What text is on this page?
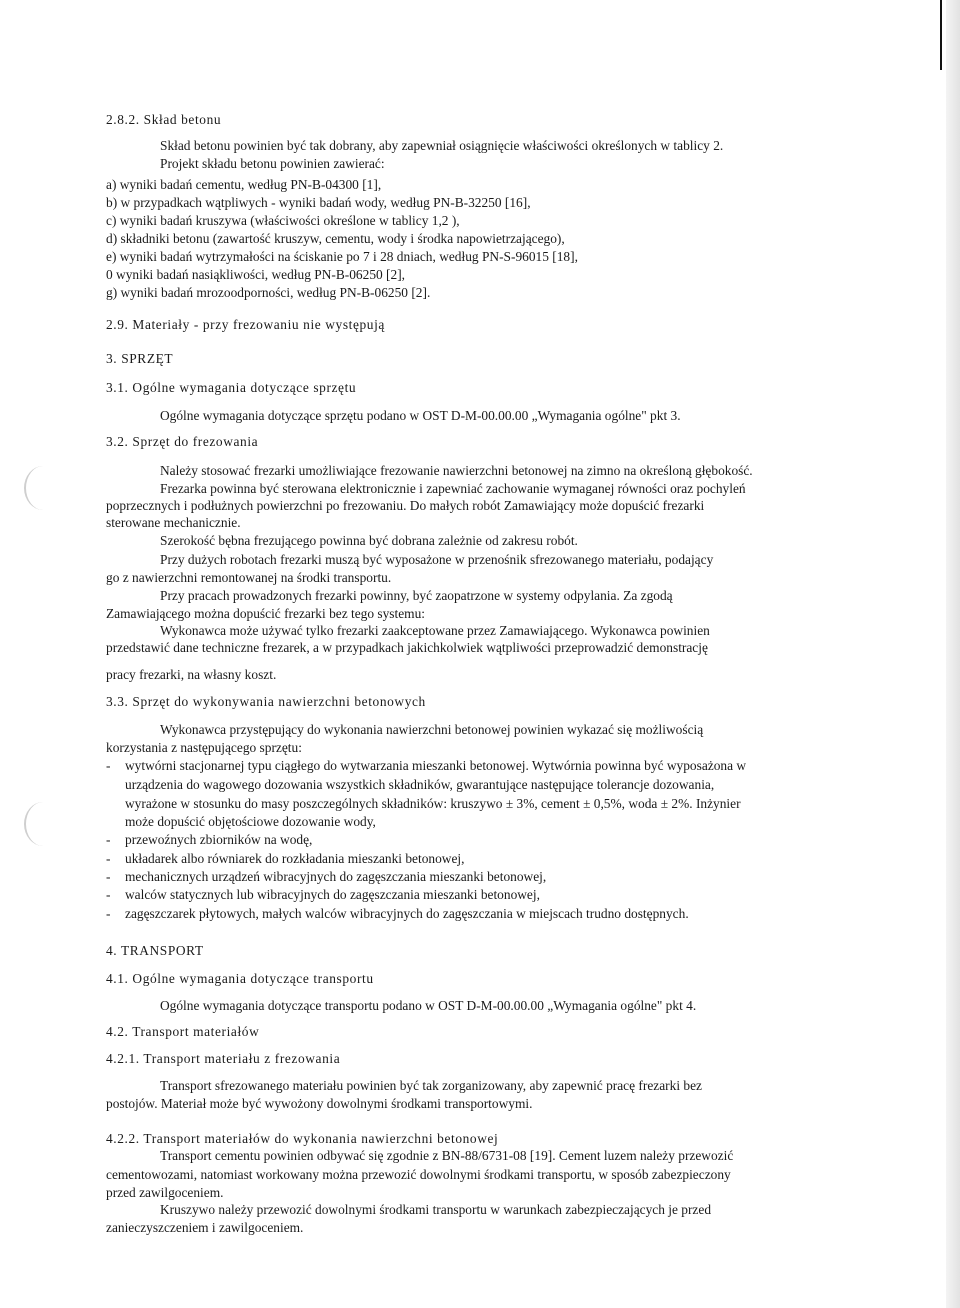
2.8.2. Skład betonu
Skład betonu powinien być tak dobrany, aby zapewniał osiągnięcie właściwości określonych w tablicy 2.
Projekt składu betonu powinien zawierać:
a) wyniki badań cementu, według PN-B-04300 [1],
b) w przypadkach wątpliwych - wyniki badań wody, według PN-B-32250 [16],
c) wyniki badań kruszywa (właściwości określone w tablicy 1,2 ),
d) składniki betonu (zawartość kruszyw, cementu, wody i środka napowietrzającego),
e) wyniki badań wytrzymałości na ściskanie po 7 i 28 dniach, według PN-S-96015 [18],
0 wyniki badań nasiąkliwości, według PN-B-06250 [2],
g) wyniki badań mrozoodporności, według PN-B-06250 [2].
2.9. Materiały - przy frezowaniu nie występują
3. SPRZĘT
3.1. Ogólne wymagania dotyczące sprzętu
Ogólne wymagania dotyczące sprzętu podano w OST D-M-00.00.00 „Wymagania ogólne" pkt 3.
3.2. Sprzęt do frezowania
Należy stosować frezarki umożliwiające frezowanie nawierzchni betonowej na zimno na określoną głębokość.
Frezarka powinna być sterowana elektronicznie i zapewniać zachowanie wymaganej równości oraz pochyleń
poprzecznych i podłużnych powierzchni po frezowaniu. Do małych robót Zamawiający może dopuścić frezarki
sterowane mechanicznie.
Szerokość bębna frezującego powinna być dobrana zależnie od zakresu robót.
Przy dużych robotach frezarki muszą być wyposażone w przenośnik sfrezowanego materiału, podający
go z nawierzchni remontowanej na środki transportu.
Przy pracach prowadzonych frezarki powinny, być zaopatrzone w systemy odpylania. Za zgodą
Zamawiającego można dopuścić frezarki bez tego systemu:
Wykonawca może używać tylko frezarki zaakceptowane przez Zamawiającego. Wykonawca powinien
przedstawić dane techniczne frezarek, a w przypadkach jakichkolwiek wątpliwości przeprowadzić demonstrację
pracy frezarki, na własny koszt.
3.3. Sprzęt do wykonywania nawierzchni betonowych
Wykonawca przystępujący do wykonania nawierzchni betonowej powinien wykazać się możliwością
korzystania z następującego sprzętu:
- wytwórni stacjonarnej typu ciągłego do wytwarzania mieszanki betonowej. Wytwórnia powinna być wyposażona w
urządzenia do wagowego dozowania wszystkich składników, gwarantujące następujące tolerancje dozowania,
wyrażone w stosunku do masy poszczególnych składników: kruszywo ± 3%, cement ± 0,5%, woda ± 2%. Inżynier
może dopuścić objętościowe dozowanie wody,
- przewoźnych zbiorników na wodę,
- układarek albo równiarek do rozkładania mieszanki betonowej,
- mechanicznych urządzeń wibracyjnych do zagęszczania mieszanki betonowej,
- walców statycznych lub wibracyjnych do zagęszczania mieszanki betonowej,
- zagęszczarek płytowych, małych walców wibracyjnych do zagęszczania w miejscach trudno dostępnych.
4. TRANSPORT
4.1. Ogólne wymagania dotyczące transportu
Ogólne wymagania dotyczące transportu podano w OST D-M-00.00.00 „Wymagania ogólne" pkt 4.
4.2. Transport materiałów
4.2.1. Transport materiału z frezowania
Transport sfrezowanego materiału powinien być tak zorganizowany, aby zapewnić pracę frezarki bez
postojów. Materiał może być wywożony dowolnymi środkami transportowymi.
4.2.2. Transport materiałów do wykonania nawierzchni betonowej
Transport cementu powinien odbywać się zgodnie z BN-88/6731-08 [19]. Cement luzem należy przewozić
cementowozami, natomiast workowany można przewozić dowolnymi środkami transportu, w sposób zabezpieczony
przed zawilgoceniem.
Kruszywo należy przewozić dowolnymi środkami transportu w warunkach zabezpieczających je przed
zanieczyszczeniem i zawilgoceniem.
